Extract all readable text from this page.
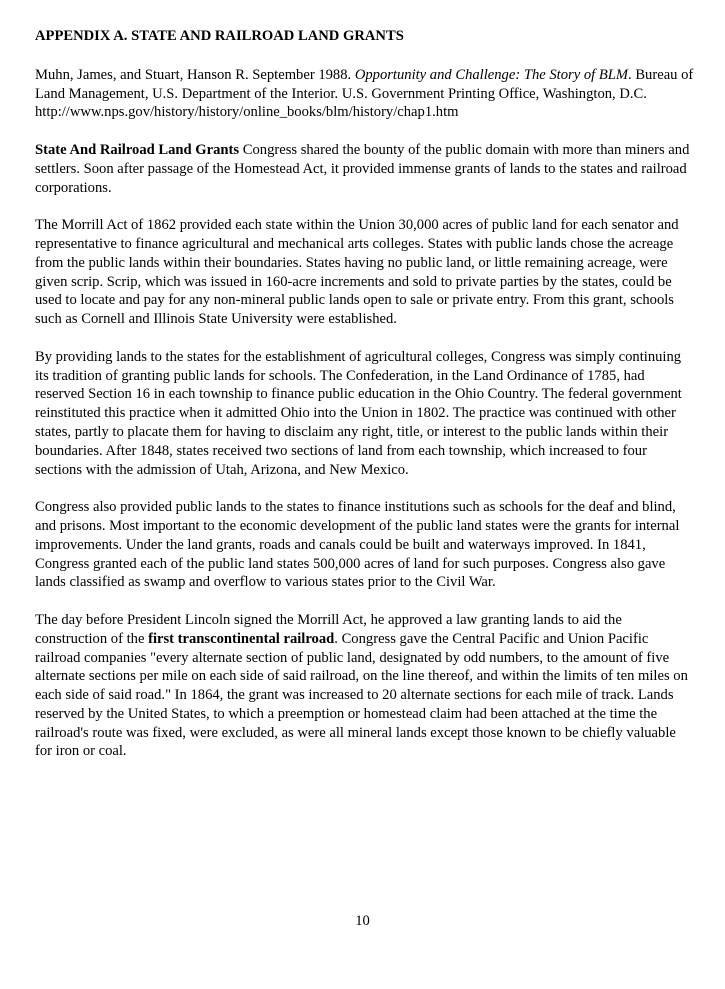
APPENDIX A. STATE AND RAILROAD LAND GRANTS

Muhn, James, and Stuart, Hanson R. September 1988. Opportunity and Challenge: The Story of BLM. Bureau of Land Management, U.S. Department of the Interior. U.S. Government Printing Office, Washington, D.C.
http://www.nps.gov/history/history/online_books/blm/history/chap1.htm

State And Railroad Land Grants Congress shared the bounty of the public domain with more than miners and settlers. Soon after passage of the Homestead Act, it provided immense grants of lands to the states and railroad corporations.

The Morrill Act of 1862 provided each state within the Union 30,000 acres of public land for each senator and representative to finance agricultural and mechanical arts colleges. States with public lands chose the acreage from the public lands within their boundaries. States having no public land, or little remaining acreage, were given scrip. Scrip, which was issued in 160-acre increments and sold to private parties by the states, could be used to locate and pay for any non-mineral public lands open to sale or private entry. From this grant, schools such as Cornell and Illinois State University were established.

By providing lands to the states for the establishment of agricultural colleges, Congress was simply continuing its tradition of granting public lands for schools. The Confederation, in the Land Ordinance of 1785, had reserved Section 16 in each township to finance public education in the Ohio Country. The federal government reinstituted this practice when it admitted Ohio into the Union in 1802. The practice was continued with other states, partly to placate them for having to disclaim any right, title, or interest to the public lands within their boundaries. After 1848, states received two sections of land from each township, which increased to four sections with the admission of Utah, Arizona, and New Mexico.

Congress also provided public lands to the states to finance institutions such as schools for the deaf and blind, and prisons. Most important to the economic development of the public land states were the grants for internal improvements. Under the land grants, roads and canals could be built and waterways improved. In 1841, Congress granted each of the public land states 500,000 acres of land for such purposes. Congress also gave lands classified as swamp and overflow to various states prior to the Civil War.

The day before President Lincoln signed the Morrill Act, he approved a law granting lands to aid the construction of the first transcontinental railroad. Congress gave the Central Pacific and Union Pacific railroad companies "every alternate section of public land, designated by odd numbers, to the amount of five alternate sections per mile on each side of said railroad, on the line thereof, and within the limits of ten miles on each side of said road." In 1864, the grant was increased to 20 alternate sections for each mile of track. Lands reserved by the United States, to which a preemption or homestead claim had been attached at the time the railroad's route was fixed, were excluded, as were all mineral lands except those known to be chiefly valuable for iron or coal.

10
